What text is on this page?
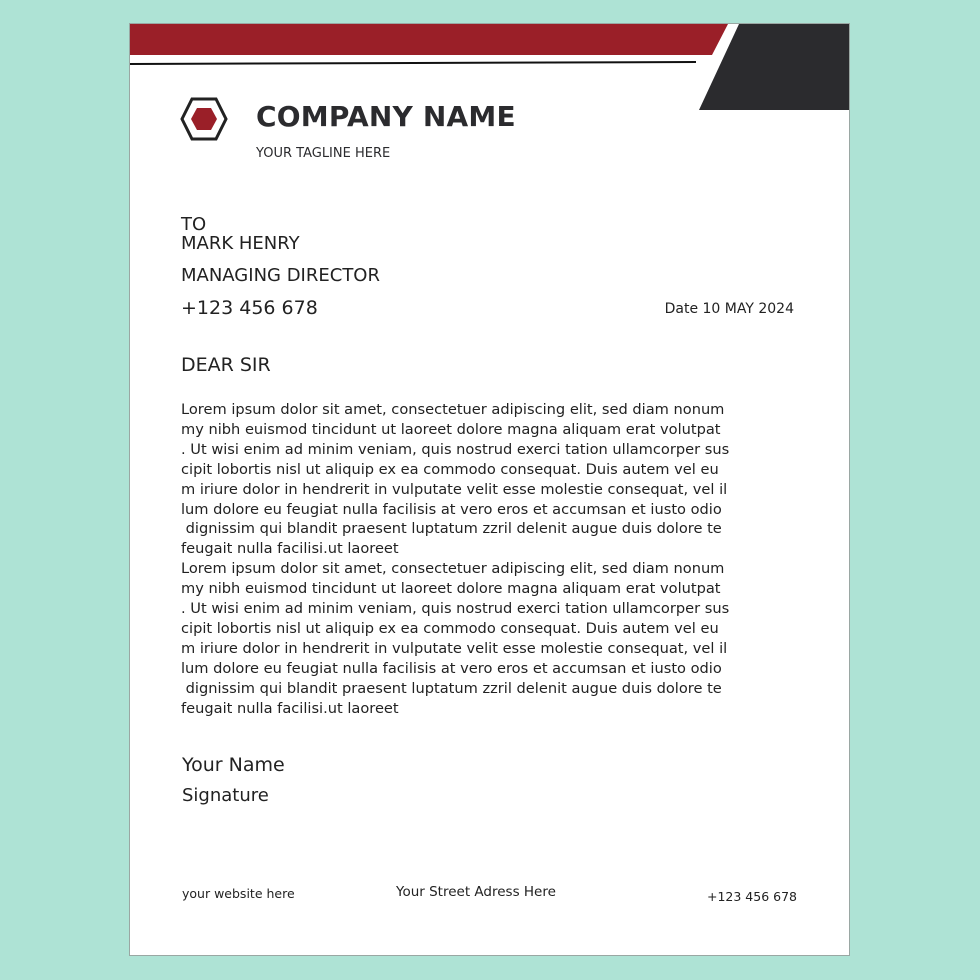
COMPANY NAME
YOUR TAGLINE HERE
TO
MARK HENRY
MANAGING DIRECTOR
+123 456 678	Date 10 MAY 2024
DEAR SIR

Lorem ipsum dolor sit amet, consectetuer adipiscing elit, sed diam nonum

my nibh euismod tincidunt ut laoreet dolore magna aliquam erat volutpat

. Ut wisi enim ad minim veniam, quis nostrud exerci tation ullamcorper sus

cipit lobortis nisl ut aliquip ex ea commodo consequat. Duis autem vel eu

m iriure dolor in hendrerit in vulputate velit esse molestie consequat, vel il

lum dolore eu feugiat nulla facilisis at vero eros et accumsan et iusto odio

dignissim qui blandit praesent luptatum zzril delenit augue duis dolore te

feugait nulla facilisi.ut laoreet

Lorem ipsum dolor sit amet, consectetuer adipiscing elit, sed diam nonum

my nibh euismod tincidunt ut laoreet dolore magna aliquam erat volutpat

. Ut wisi enim ad minim veniam, quis nostrud exerci tation ullamcorper sus

cipit lobortis nisl ut aliquip ex ea commodo consequat. Duis autem vel eu

m iriure dolor in hendrerit in vulputate velit esse molestie consequat, vel il

lum dolore eu feugiat nulla facilisis at vero eros et accumsan et iusto odio

dignissim qui blandit praesent luptatum zzril delenit augue duis dolore te

feugait nulla facilisi.ut laoreet

Your Name
Signature
your website here	Your Street Adress Here	+123 456 678
